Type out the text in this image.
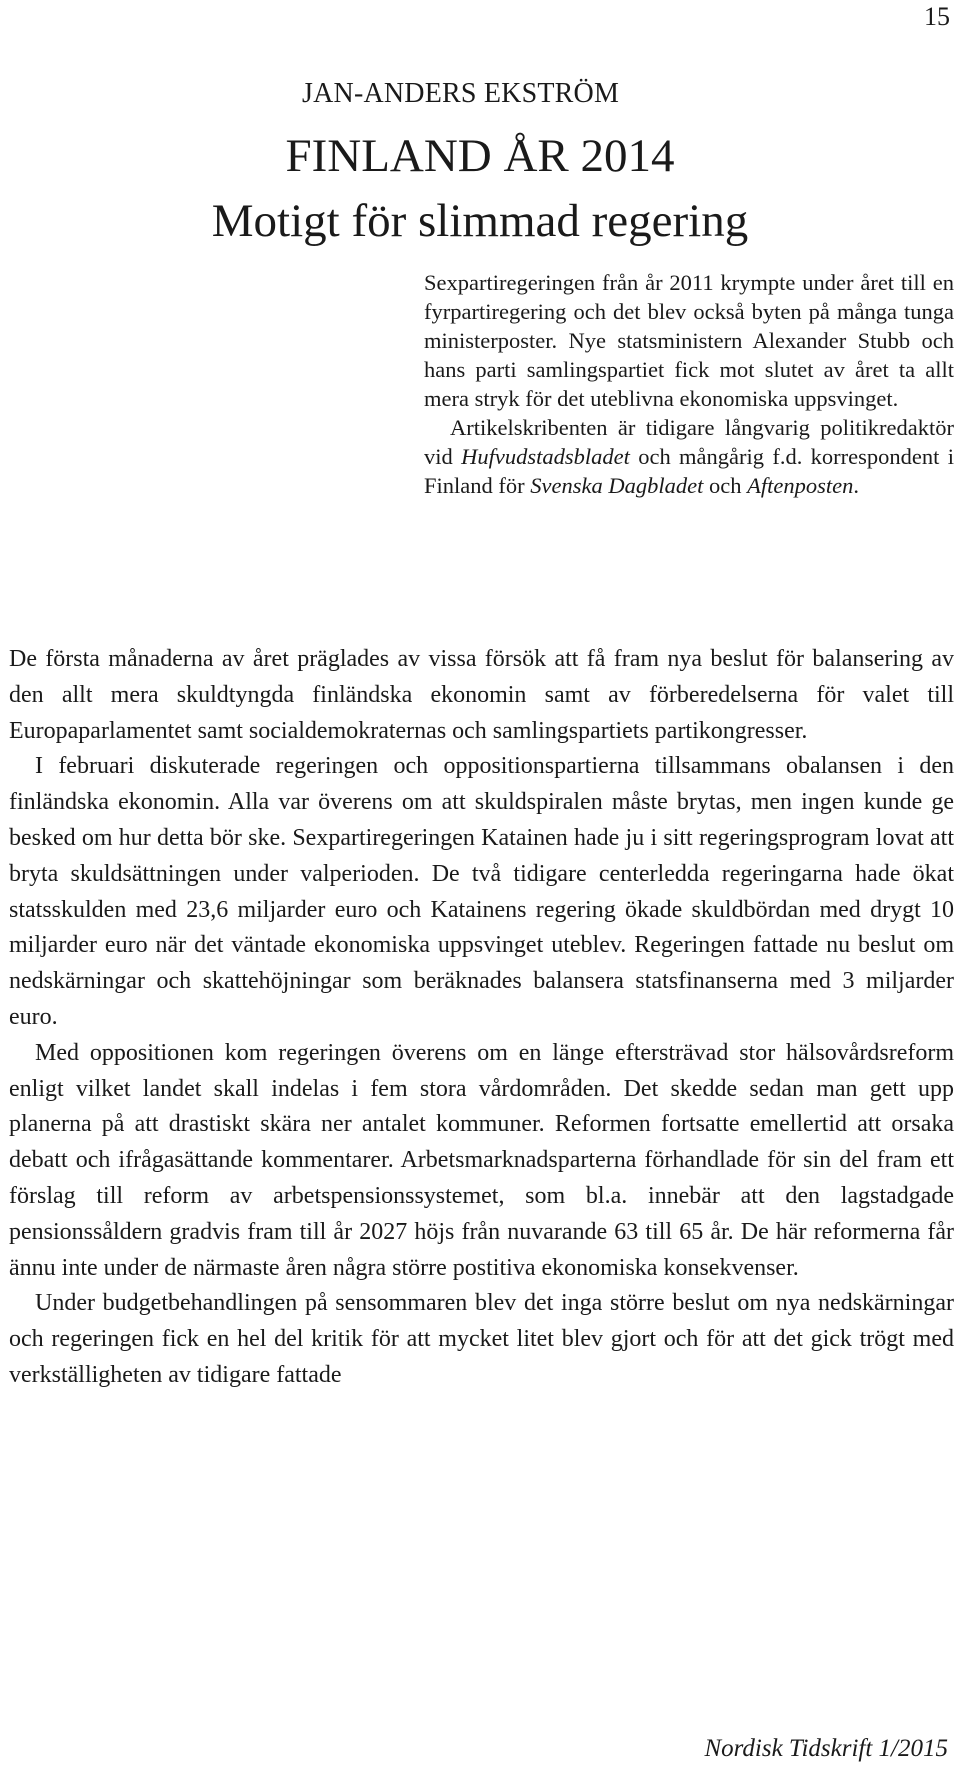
15
JAN-ANDERS EKSTRÖM
FINLAND ÅR 2014
Motigt för slimmad regering

Sexpartiregeringen från år 2011 krympte under året till en fyrpartiregering och det blev också byten på många tunga ministerposter. Nye statsministern Alexander Stubb och hans parti samlingspartiet fick mot slutet av året ta allt mera stryk för det uteblivna ekonomiska uppsvinget.

Artikelskribenten är tidigare långvarig politikredaktör vid Hufvudstadsbladet och mångårig f.d. korrespondent i Finland för Svenska Dagbladet och Aftenposten.

De första månaderna av året präglades av vissa försök att få fram nya beslut för balansering av den allt mera skuldtyngda finländska ekonomin samt av förberedelserna för valet till Europaparlamentet samt socialdemokraternas och samlingspartiets partikongresser.

I februari diskuterade regeringen och oppositionspartierna tillsammans obalansen i den finländska ekonomin. Alla var överens om att skuldspiralen måste brytas, men ingen kunde ge besked om hur detta bör ske. Sexpartiregeringen Katainen hade ju i sitt regeringsprogram lovat att bryta skuldsättningen under valperioden. De två tidigare centerledda regeringarna hade ökat statsskulden med 23,6 miljarder euro och Katainens regering ökade skuldbördan med drygt 10 miljarder euro när det väntade ekonomiska uppsvinget uteblev. Regeringen fattade nu beslut om nedskärningar och skattehöjningar som beräknades balansera statsfinanserna med 3 miljarder euro.

Med oppositionen kom regeringen överens om en länge eftersträvad stor hälsovårdsreform enligt vilket landet skall indelas i fem stora vårdområden. Det skedde sedan man gett upp planerna på att drastiskt skära ner antalet kommuner. Reformen fortsatte emellertid att orsaka debatt och ifrågasättande kommentarer. Arbetsmarknadsparterna förhandlade för sin del fram ett förslag till reform av arbetspensionssystemet, som bl.a. innebär att den lagstadgade pensionssåldern gradvis fram till år 2027 höjs från nuvarande 63 till 65 år. De här reformerna får ännu inte under de närmaste åren några större postitiva ekonomiska konsekvenser.

Under budgetbehandlingen på sensommaren blev det inga större beslut om nya nedskärningar och regeringen fick en hel del kritik för att mycket litet blev gjort och för att det gick trögt med verkställigheten av tidigare fattade

Nordisk Tidskrift 1/2015
